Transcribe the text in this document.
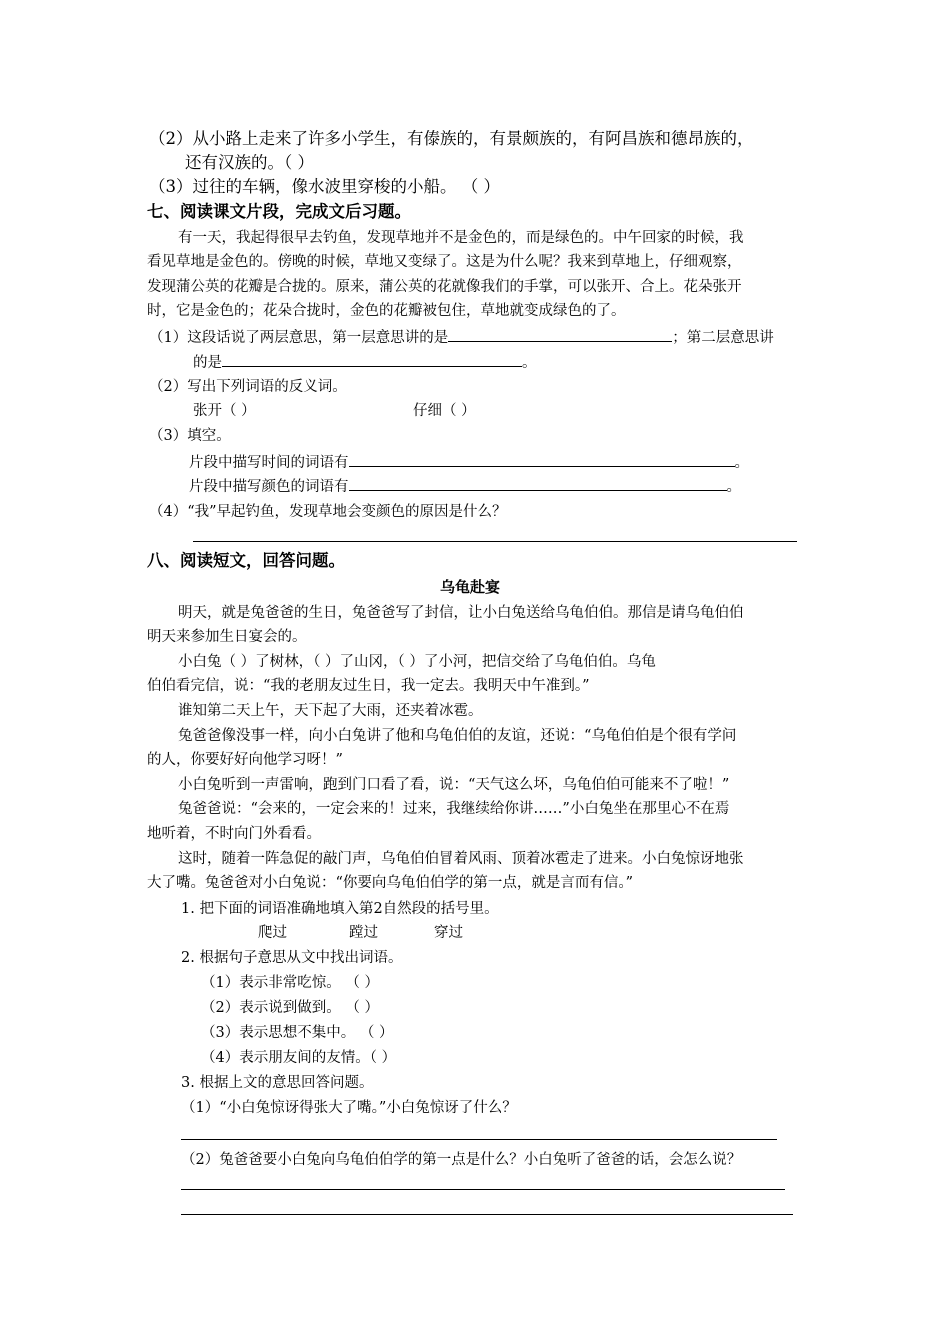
（2）从小路上走来了许多小学生，有傣族的，有景颇族的，有阿昌族和德昂族的，
还有汉族的。（ ）
（3）过往的车辆，像水波里穿梭的小船。 （ ）
七、阅读课文片段，完成文后习题。
有一天，我起得很早去钓鱼，发现草地并不是金色的，而是绿色的。中午回家的时候，我
看见草地是金色的。傍晚的时候，草地又变绿了。这是为什么呢？我来到草地上，仔细观察，
发现蒲公英的花瓣是合拢的。原来，蒲公英的花就像我们的手掌，可以张开、合上。花朵张开
时，它是金色的；花朵合拢时，金色的花瓣被包住，草地就变成绿色的了。
（1）这段话说了两层意思，第一层意思讲的是	；第二层意思讲
的是	。
（2）写出下列词语的反义词。
张开（ ）	仔细（ ）
（3）填空。
片段中描写时间的词语有	。
片段中描写颜色的词语有	。
（4）“我”早起钓鱼，发现草地会变颜色的原因是什么？
八、阅读短文，回答问题。
乌龟赴宴
明天，就是兔爸爸的生日，兔爸爸写了封信，让小白兔送给乌龟伯伯。那信是请乌龟伯伯
明天来参加生日宴会的。
小白兔（ ）了树林，（ ）了山冈，（ ）了小河，把信交给了乌龟伯伯。乌龟
伯伯看完信，说：“我的老朋友过生日，我一定去。我明天中午准到。”
谁知第二天上午，天下起了大雨，还夹着冰雹。
兔爸爸像没事一样，向小白兔讲了他和乌龟伯伯的友谊，还说：“乌龟伯伯是个很有学问
的人，你要好好向他学习呀！”
小白兔听到一声雷响，跑到门口看了看，说：“天气这么坏，乌龟伯伯可能来不了啦！”
兔爸爸说：“会来的，一定会来的！过来，我继续给你讲……”小白兔坐在那里心不在焉
地听着，不时向门外看看。
这时，随着一阵急促的敲门声，乌龟伯伯冒着风雨、顶着冰雹走了进来。小白兔惊讶地张
大了嘴。兔爸爸对小白兔说：“你要向乌龟伯伯学的第一点，就是言而有信。”
1. 把下面的词语准确地填入第2自然段的括号里。
爬过	蹚过	穿过
2. 根据句子意思从文中找出词语。
（1）表示非常吃惊。 （ ）
（2）表示说到做到。 （ ）
（3）表示思想不集中。 （ ）
（4）表示朋友间的友情。（ ）
3. 根据上文的意思回答问题。
（1）“小白兔惊讶得张大了嘴。”小白兔惊讶了什么？
（2）兔爸爸要小白兔向乌龟伯伯学的第一点是什么？小白兔听了爸爸的话，会怎么说？
